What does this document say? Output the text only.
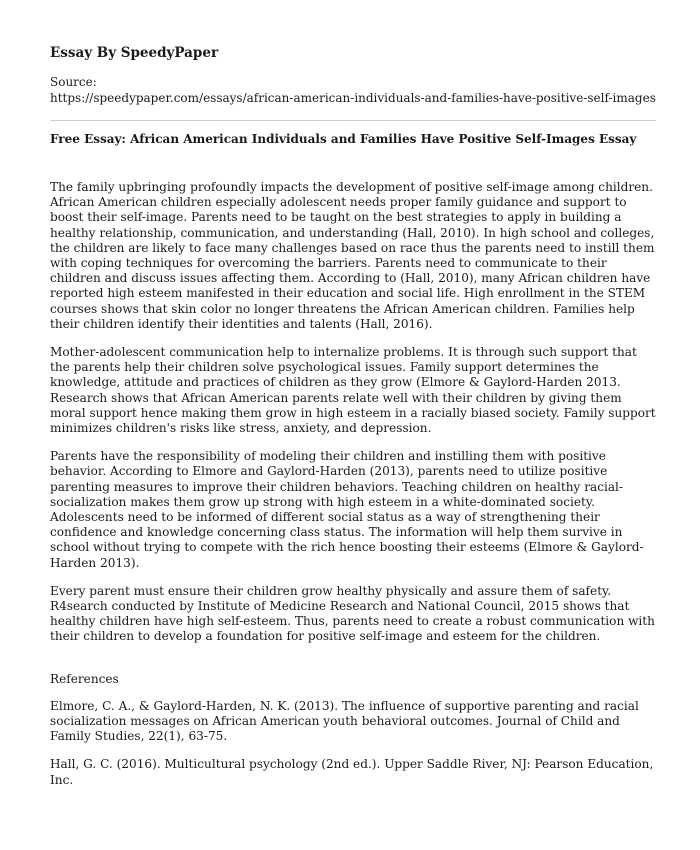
Essay By SpeedyPaper
Source:
https://speedypaper.com/essays/african-american-individuals-and-families-have-positive-self-images
Free Essay: African American Individuals and Families Have Positive Self-Images Essay

The family upbringing profoundly impacts the development of positive self-image among children. African American children especially adolescent needs proper family guidance and support to boost their self-image. Parents need to be taught on the best strategies to apply in building a healthy relationship, communication, and understanding (Hall, 2010). In high school and colleges, the children are likely to face many challenges based on race thus the parents need to instill them with coping techniques for overcoming the barriers. Parents need to communicate to their children and discuss issues affecting them. According to (Hall, 2010), many African children have reported high esteem manifested in their education and social life. High enrollment in the STEM courses shows that skin color no longer threatens the African American children. Families help their children identify their identities and talents (Hall, 2016).

Mother-adolescent communication help to internalize problems. It is through such support that the parents help their children solve psychological issues. Family support determines the knowledge, attitude and practices of children as they grow (Elmore & Gaylord-Harden 2013. Research shows that African American parents relate well with their children by giving them moral support hence making them grow in high esteem in a racially biased society. Family support minimizes children's risks like stress, anxiety, and depression.

Parents have the responsibility of modeling their children and instilling them with positive behavior. According to Elmore and Gaylord-Harden (2013), parents need to utilize positive parenting measures to improve their children behaviors. Teaching children on healthy racial-socialization makes them grow up strong with high esteem in a white-dominated society. Adolescents need to be informed of different social status as a way of strengthening their confidence and knowledge concerning class status. The information will help them survive in school without trying to compete with the rich hence boosting their esteems (Elmore & Gaylord-Harden 2013).

Every parent must ensure their children grow healthy physically and assure them of safety. R4search conducted by Institute of Medicine Research and National Council, 2015 shows that healthy children have high self-esteem. Thus, parents need to create a robust communication with their children to develop a foundation for positive self-image and esteem for the children.

References

Elmore, C. A., & Gaylord-Harden, N. K. (2013). The influence of supportive parenting and racial socialization messages on African American youth behavioral outcomes. Journal of Child and Family Studies, 22(1), 63-75.

Hall, G. C. (2016). Multicultural psychology (2nd ed.). Upper Saddle River, NJ: Pearson Education, Inc.
